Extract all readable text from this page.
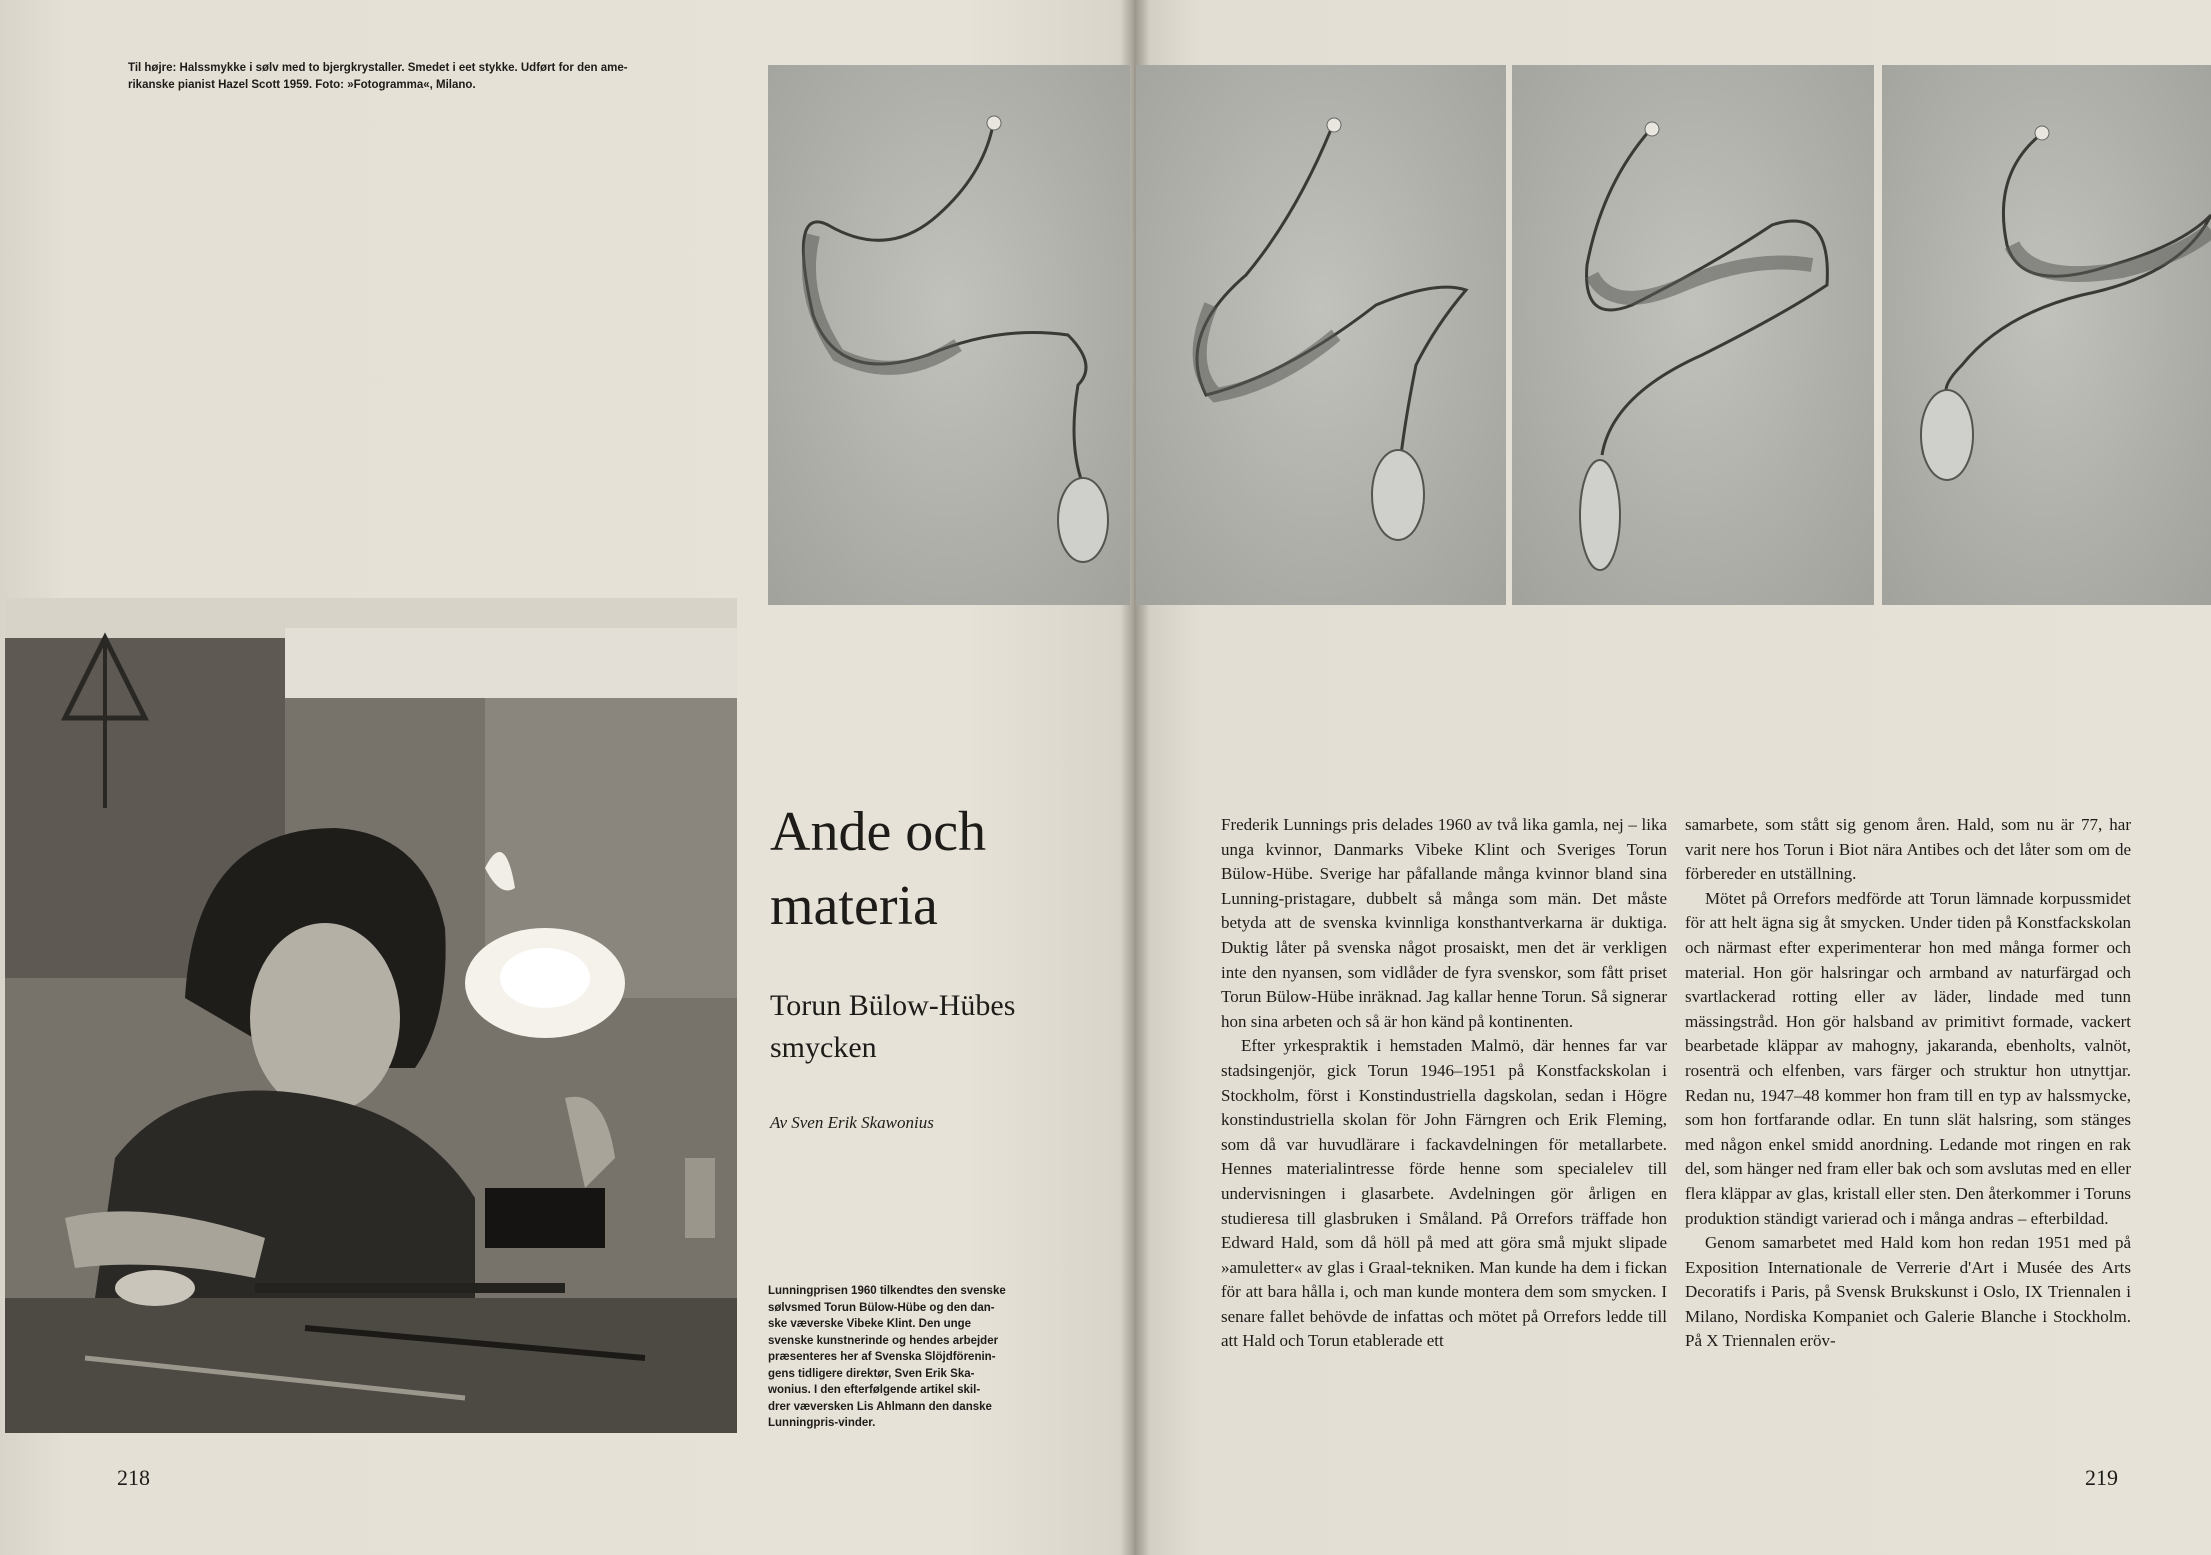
Til højre: Halssmykke i sølv med to bjergkrystaller. Smedet i eet stykke. Udført for den ame-
rikanske pianist Hazel Scott 1959. Foto: »Fotogramma«, Milano.
Ande och
materia
Torun Bülow-Hübes
smycken
Av Sven Erik Skawonius
Lunningprisen 1960 tilkendtes den svenske
sølvsmed Torun Bülow-Hübe og den dan-
ske væverske Vibeke Klint. Den unge
svenske kunstnerinde og hendes arbejder
præsenteres her af Svenska Slöjdförenin-
gens tidligere direktør, Sven Erik Ska-
wonius. I den efterfølgende artikel skil-
drer væversken Lis Ahlmann den danske
Lunningpris-vinder.

Frederik Lunnings pris delades 1960 av två lika gamla, nej – lika unga kvinnor, Danmarks Vibeke Klint och Sveriges Torun Bülow-Hübe. Sverige har påfallande många kvinnor bland sina Lunning-pristagare, dubbelt så många som män. Det måste betyda att de svenska kvinnliga konsthantverkarna är duktiga. Duktig låter på svenska något prosaiskt, men det är verkligen inte den nyansen, som vidlåder de fyra svenskor, som fått priset Torun Bülow-Hübe inräknad. Jag kallar henne Torun. Så signerar hon sina arbeten och så är hon känd på kontinenten.

Efter yrkespraktik i hemstaden Malmö, där hennes far var stadsingenjör, gick Torun 1946–1951 på Konstfackskolan i Stockholm, först i Konstindustriella dagskolan, sedan i Högre konstindustriella skolan för John Färngren och Erik Fleming, som då var huvudlärare i fackavdelningen för metallarbete. Hennes materialintresse förde henne som specialelev till undervisningen i glasarbete. Avdelningen gör årligen en studieresa till glasbruken i Småland. På Orrefors träffade hon Edward Hald, som då höll på med att göra små mjukt slipade »amuletter« av glas i Graal-tekniken. Man kunde ha dem i fickan för att bara hålla i, och man kunde montera dem som smycken. I senare fallet behövde de infattas och mötet på Orrefors ledde till att Hald och Torun etablerade ett

samarbete, som stått sig genom åren. Hald, som nu är 77, har varit nere hos Torun i Biot nära Antibes och det låter som om de förbereder en utställning.

Mötet på Orrefors medförde att Torun lämnade korpussmidet för att helt ägna sig åt smycken. Under tiden på Konstfackskolan och närmast efter experimenterar hon med många former och material. Hon gör halsringar och armband av naturfärgad och svartlackerad rotting eller av läder, lindade med tunn mässingstråd. Hon gör halsband av primitivt formade, vackert bearbetade kläppar av mahogny, jakaranda, ebenholts, valnöt, rosenträ och elfenben, vars färger och struktur hon utnyttjar. Redan nu, 1947–48 kommer hon fram till en typ av halssmycke, som hon fortfarande odlar. En tunn slät halsring, som stänges med någon enkel smidd anordning. Ledande mot ringen en rak del, som hänger ned fram eller bak och som avslutas med en eller flera kläppar av glas, kristall eller sten. Den återkommer i Toruns produktion ständigt varierad och i många andras – efterbildad.

Genom samarbetet med Hald kom hon redan 1951 med på Exposition Internationale de Verrerie d'Art i Musée des Arts Decoratifs i Paris, på Svensk Brukskunst i Oslo, IX Triennalen i Milano, Nordiska Kompaniet och Galerie Blanche i Stockholm. På X Triennalen eröv-

218	219
